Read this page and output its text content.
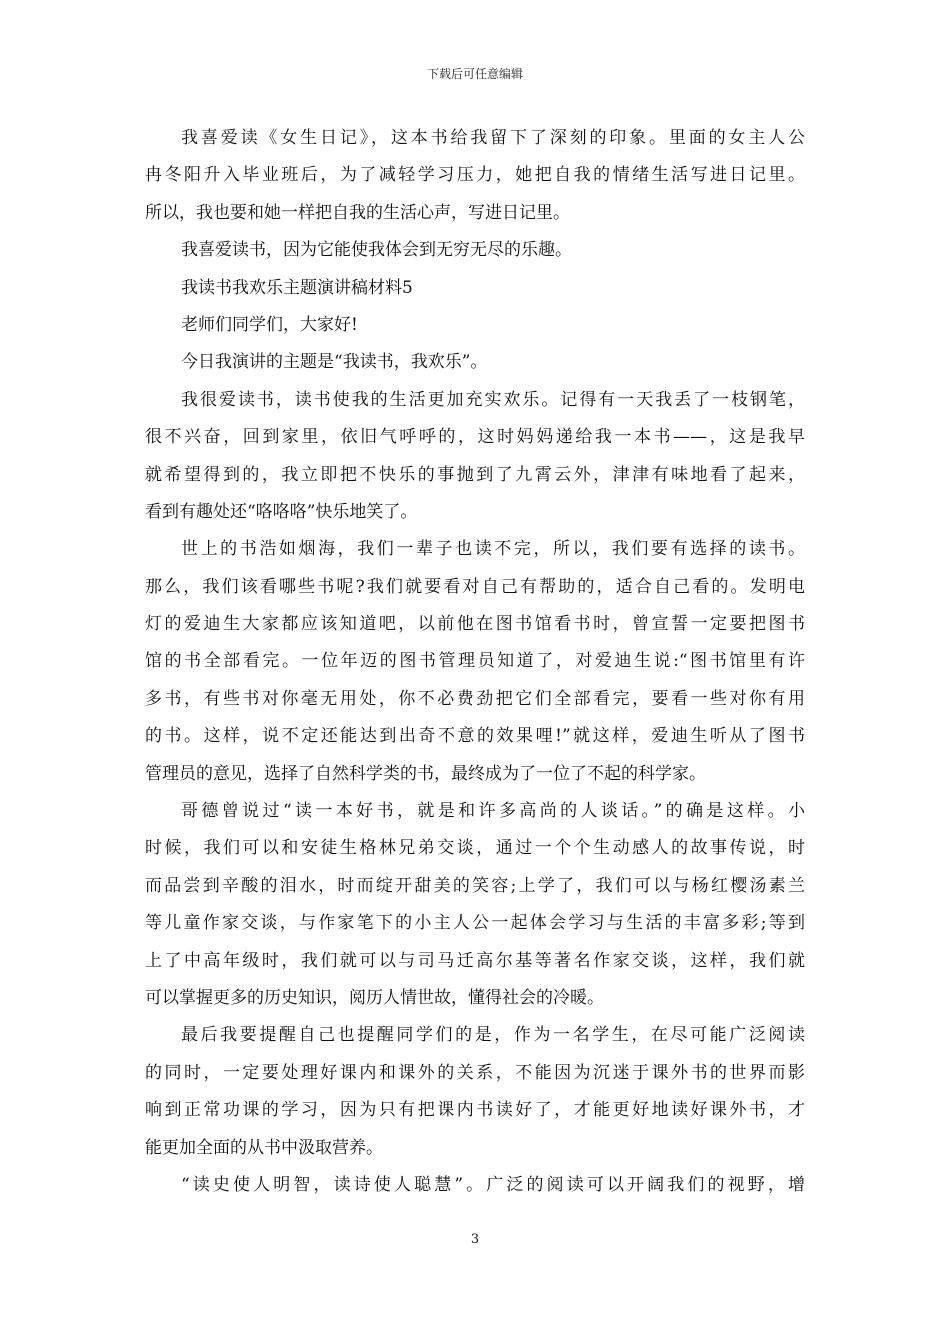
下载后可任意编辑
我喜爱读《女生日记》，这本书给我留下了深刻的印象。里面的女主人公
冉冬阳升入毕业班后，为了减轻学习压力，她把自我的情绪生活写进日记里。
所以，我也要和她一样把自我的生活心声，写进日记里。
我喜爱读书，因为它能使我体会到无穷无尽的乐趣。
我读书我欢乐主题演讲稿材料5
老师们同学们，大家好!
今日我演讲的主题是“我读书，我欢乐”。
我很爱读书，读书使我的生活更加充实欢乐。记得有一天我丢了一枝钢笔，
很不兴奋，回到家里，依旧气呼呼的，这时妈妈递给我一本书——，这是我早
就希望得到的，我立即把不快乐的事抛到了九霄云外，津津有味地看了起来，
看到有趣处还“咯咯咯”快乐地笑了。
世上的书浩如烟海，我们一辈子也读不完，所以，我们要有选择的读书。
那么，我们该看哪些书呢?我们就要看对自己有帮助的，适合自己看的。发明电
灯的爱迪生大家都应该知道吧，以前他在图书馆看书时，曾宣誓一定要把图书
馆的书全部看完。一位年迈的图书管理员知道了，对爱迪生说:“图书馆里有许
多书，有些书对你毫无用处，你不必费劲把它们全部看完，要看一些对你有用
的书。这样，说不定还能达到出奇不意的效果哩!”就这样，爱迪生听从了图书
管理员的意见，选择了自然科学类的书，最终成为了一位了不起的科学家。
哥德曾说过“读一本好书，就是和许多高尚的人谈话。”的确是这样。小
时候，我们可以和安徒生格林兄弟交谈，通过一个个生动感人的故事传说，时
而品尝到辛酸的泪水，时而绽开甜美的笑容;上学了，我们可以与杨红樱汤素兰
等儿童作家交谈，与作家笔下的小主人公一起体会学习与生活的丰富多彩;等到
上了中高年级时，我们就可以与司马迁高尔基等著名作家交谈，这样，我们就
可以掌握更多的历史知识，阅历人情世故，懂得社会的冷暖。
最后我要提醒自己也提醒同学们的是，作为一名学生，在尽可能广泛阅读
的同时，一定要处理好课内和课外的关系，不能因为沉迷于课外书的世界而影
响到正常功课的学习，因为只有把课内书读好了，才能更好地读好课外书，才
能更加全面的从书中汲取营养。
“读史使人明智，读诗使人聪慧”。广泛的阅读可以开阔我们的视野，增
3
